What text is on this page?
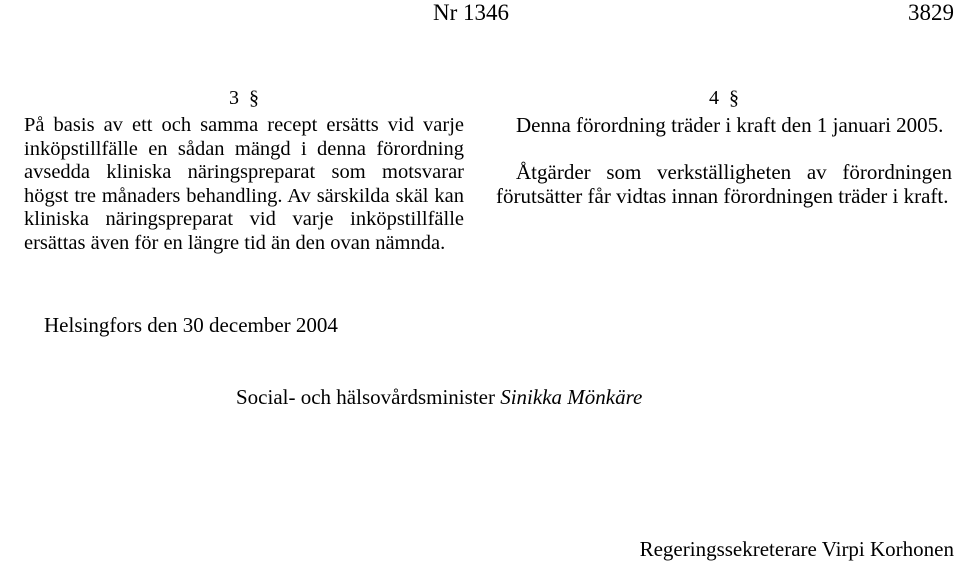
Nr 1346	3829
3 §
På basis av ett och samma recept ersätts vid varje inköpstillfälle en sådan mängd i denna förordning avsedda kliniska näringspreparat som motsvarar högst tre månaders behandling. Av särskilda skäl kan kliniska näringspreparat vid varje inköpstillfälle ersättas även för en längre tid än den ovan nämnda.
4 §
Denna förordning träder i kraft den 1 januari 2005.
Åtgärder som verkställigheten av förordningen förutsätter får vidtas innan förordningen träder i kraft.
Helsingfors den 30 december 2004
Social- och hälsovårdsminister Sinikka Mönkäre
Regeringssekreterare Virpi Korhonen
